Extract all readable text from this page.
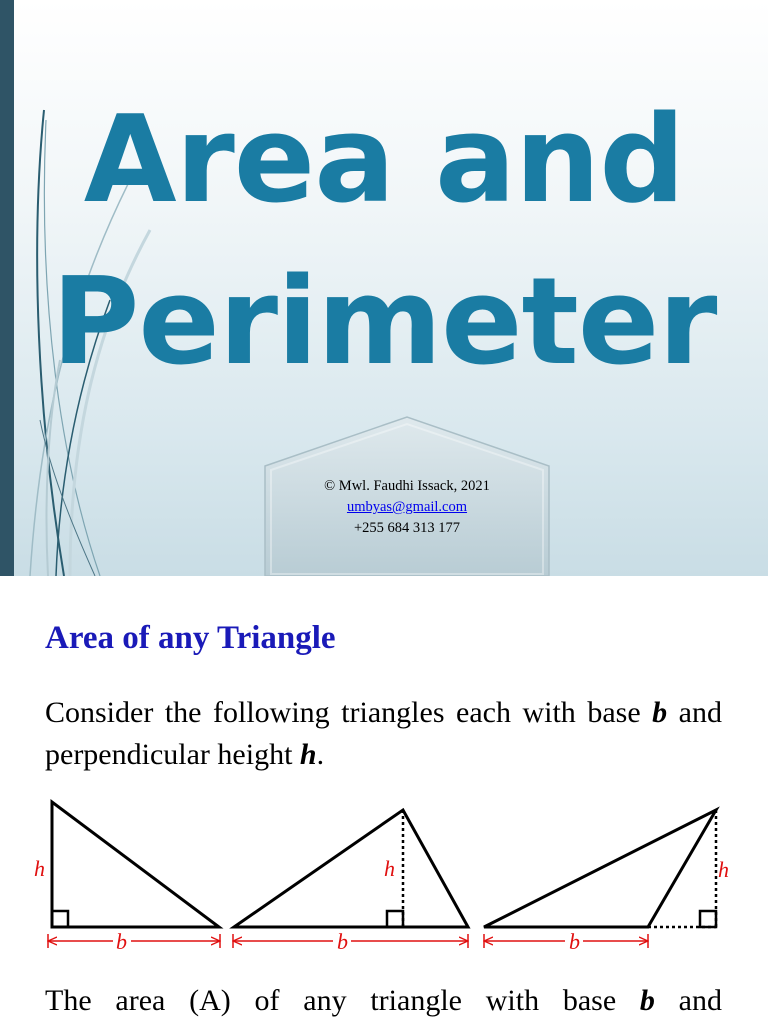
Area and
Perimeter
© Mwl. Faudhi Issack, 2021
umbyas@gmail.com
+255 684 313 177
Area of any Triangle

Consider the following triangles each with base b and perpendicular height h.

h
b
h
b
h
b

The area (A) of any triangle with base b and
